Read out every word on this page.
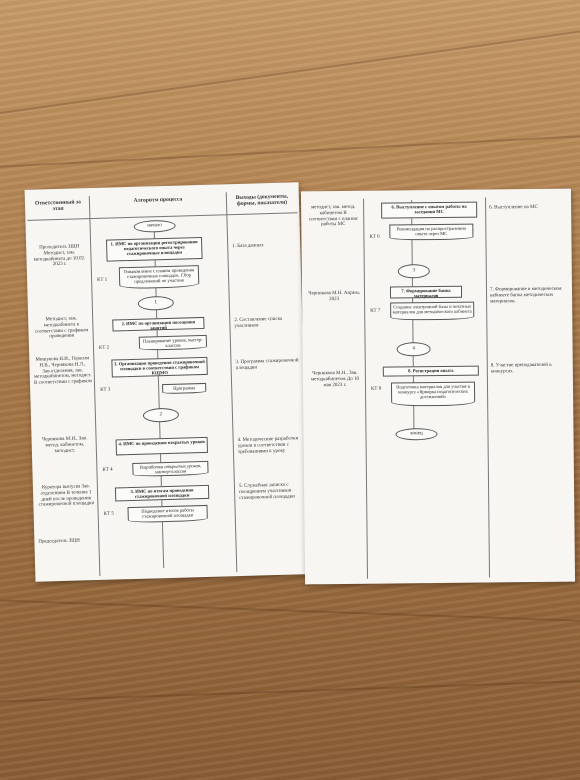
Ответственный за этап
Алгоритм процесса	Выходы (документы, формы, показатели)
начало
Проходитель ЗЩН Методист, зам. методкабинета до 10.02. 2023 г.
1. ИМС по организации регистрирования педагогического опыта через стажировочные площадки
Ознакомление с планом проведения стажировочных площадок. Сбор предложений по участию
КТ 1
1. База данных
1
Методист, зам. методкабинета в соответствии с графиком проведения
2. ИМС по организации посещения занятий
Планирование уроков, мастер-классов
КТ 2
2. Составление списка участников
Мишукова Н.И., Герасим Н.В., Чернякова Н.Л., Зав.отделения, зав. методкабинетом, методист. В соответствии с графиком
3. Организация проведения стажировочной площадки в соответствии с графиком КЩМО
Программа
КТ 3
3. Программа стажировочной площадки
2
Черникова М.Н., Зав. метод. кабинетом, методист.
4. ИМС по проведению открытых уроков
Разработка открытых уроков, мастер-классов
КТ 4
4. Методические разработки уроков в соответствии с требованиями к уроку
Куратора выпуска Зав. отделением В течение 1 дней после проведения стажировочной площадки
5. ИМС по итогам проведения стажировочной площадки
Подведение итогов работы стажировочной площадки
КТ 5
5. Служебная записка с поощрением участников стажировочной площадки
Председатель ЗЩН
методист, зав. метод. кабинетом В соответствии с планом работы МС
6. Выступление с опытом работы на заседании МС
Рекомендация по распространению опыта через МС
КТ 6
6. Выступление на МС
3
Черникова М.Н. Апрель 2023
7. Формирование банка материалов
Создание электронной базы и печатных материалов для методического кабинета
КТ 7
7. Формирование в методическом кабинете банка методических материалов.
4
Черникова М.Н., Зав. методкабинетом До 10 мая 2023 г.
8. Регистрация опыта
Подготовка материалов для участия в конкурсе «Ярмарка педагогических достижений»
КТ 8
8. Участие преподавателей в конкурсах.
конец
